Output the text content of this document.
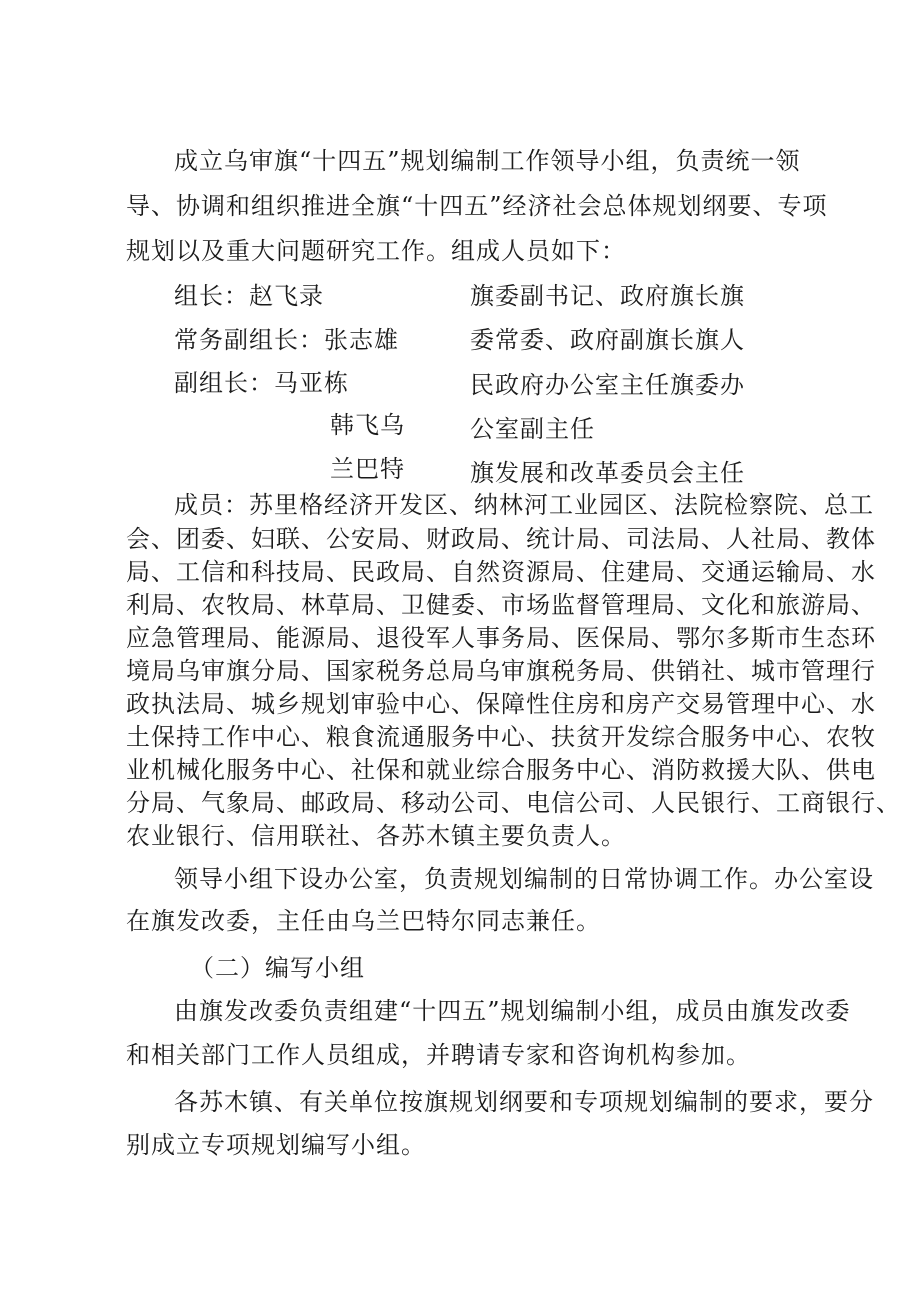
成立乌审旗“十四五”规划编制工作领导小组，负责统一领
导、协调和组织推进全旗“十四五”经济社会总体规划纲要、专项
规划以及重大问题研究工作。组成人员如下：
组长：赵飞录	旗委副书记、政府旗长旗
常务副组长：张志雄	委常委、政府副旗长旗人
副组长：马亚栋	民政府办公室主任旗委办
韩飞乌	公室副主任
兰巴特	旗发展和改革委员会主任
成员：苏里格经济开发区、纳林河工业园区、法院检察院、总工
会、团委、妇联、公安局、财政局、统计局、司法局、人社局、教体
局、工信和科技局、民政局、自然资源局、住建局、交通运输局、水
利局、农牧局、林草局、卫健委、市场监督管理局、文化和旅游局、
应急管理局、能源局、退役军人事务局、医保局、鄂尔多斯市生态环
境局乌审旗分局、国家税务总局乌审旗税务局、供销社、城市管理行
政执法局、城乡规划审验中心、保障性住房和房产交易管理中心、水
土保持工作中心、粮食流通服务中心、扶贫开发综合服务中心、农牧
业机械化服务中心、社保和就业综合服务中心、消防救援大队、供电
分局、气象局、邮政局、移动公司、电信公司、人民银行、工商银行、
农业银行、信用联社、各苏木镇主要负责人。
领导小组下设办公室，负责规划编制的日常协调工作。办公室设
在旗发改委，主任由乌兰巴特尔同志兼任。
（二）编写小组
由旗发改委负责组建“十四五”规划编制小组，成员由旗发改委
和相关部门工作人员组成，并聘请专家和咨询机构参加。
各苏木镇、有关单位按旗规划纲要和专项规划编制的要求，要分
别成立专项规划编写小组。
